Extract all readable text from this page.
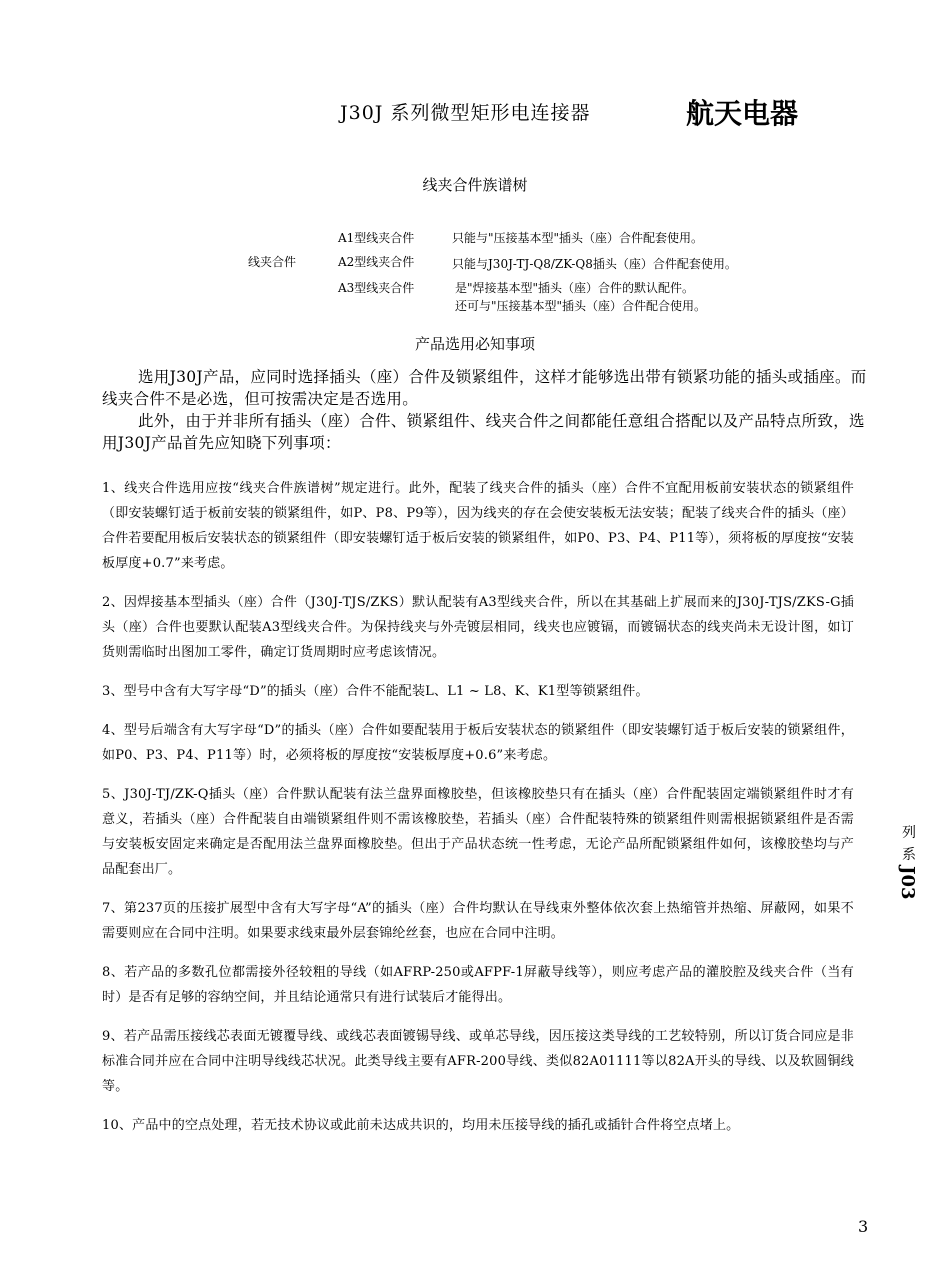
J30J 系列微型矩形电连接器	航天电器
线夹合件族谱树
线夹合件
A1型线夹合件	只能与"压接基本型"插头（座）合件配套使用。
A2型线夹合件	只能与J30J-TJ-Q8/ZK-Q8插头（座）合件配套使用。
A3型线夹合件	是"焊接基本型"插头（座）合件的默认配件。
还可与"压接基本型"插头（座）合件配合使用。
产品选用必知事项

选用J30J产品，应同时选择插头（座）合件及锁紧组件，这样才能够选出带有锁紧功能的插头或插座。而线夹合件不是必选，但可按需决定是否选用。

此外，由于并非所有插头（座）合件、锁紧组件、线夹合件之间都能任意组合搭配以及产品特点所致，选用J30J产品首先应知晓下列事项：

1、线夹合件选用应按“线夹合件族谱树”规定进行。此外，配装了线夹合件的插头（座）合件不宜配用板前安装状态的锁紧组件（即安装螺钉适于板前安装的锁紧组件，如P、P8、P9等），因为线夹的存在会使安装板无法安装；配装了线夹合件的插头（座）合件若要配用板后安装状态的锁紧组件（即安装螺钉适于板后安装的锁紧组件，如P0、P3、P4、P11等），须将板的厚度按“安装板厚度+0.7”来考虑。

2、因焊接基本型插头（座）合件（J30J-TJS/ZKS）默认配装有A3型线夹合件，所以在其基础上扩展而来的J30J-TJS/ZKS-G插头（座）合件也要默认配装A3型线夹合件。为保持线夹与外壳镀层相同，线夹也应镀镉，而镀镉状态的线夹尚未无设计图，如订货则需临时出图加工零件，确定订货周期时应考虑该情况。

3、型号中含有大写字母“D”的插头（座）合件不能配装L、L1 ~ L8、K、K1型等锁紧组件。

4、型号后端含有大写字母“D”的插头（座）合件如要配装用于板后安装状态的锁紧组件（即安装螺钉适于板后安装的锁紧组件，如P0、P3、P4、P11等）时，必须将板的厚度按“安装板厚度+0.6”来考虑。

5、J30J-TJ/ZK-Q插头（座）合件默认配装有法兰盘界面橡胶垫，但该橡胶垫只有在插头（座）合件配装固定端锁紧组件时才有意义，若插头（座）合件配装自由端锁紧组件则不需该橡胶垫，若插头（座）合件配装特殊的锁紧组件则需根据锁紧组件是否需与安装板安固定来确定是否配用法兰盘界面橡胶垫。但出于产品状态统一性考虑，无论产品所配锁紧组件如何，该橡胶垫均与产品配套出厂。

7、第237页的压接扩展型中含有大写字母“A”的插头（座）合件均默认在导线束外整体依次套上热缩管并热缩、屏蔽网，如果不需要则应在合同中注明。如果要求线束最外层套锦纶丝套，也应在合同中注明。

8、若产品的多数孔位都需接外径较粗的导线（如AFRP-250或AFPF-1屏蔽导线等），则应考虑产品的灌胶腔及线夹合件（当有时）是否有足够的容纳空间，并且结论通常只有进行试装后才能得出。

9、若产品需压接线芯表面无镀覆导线、或线芯表面镀锡导线、或单芯导线，因压接这类导线的工艺较特别，所以订货合同应是非标准合同并应在合同中注明导线线芯状况。此类导线主要有AFR-200导线、类似82A01111等以82A开头的导线、以及软圆铜线等。

10、产品中的空点处理，若无技术协议或此前未达成共识的，均用未压接导线的插孔或插针合件将空点堵上。

列系
J03
3
